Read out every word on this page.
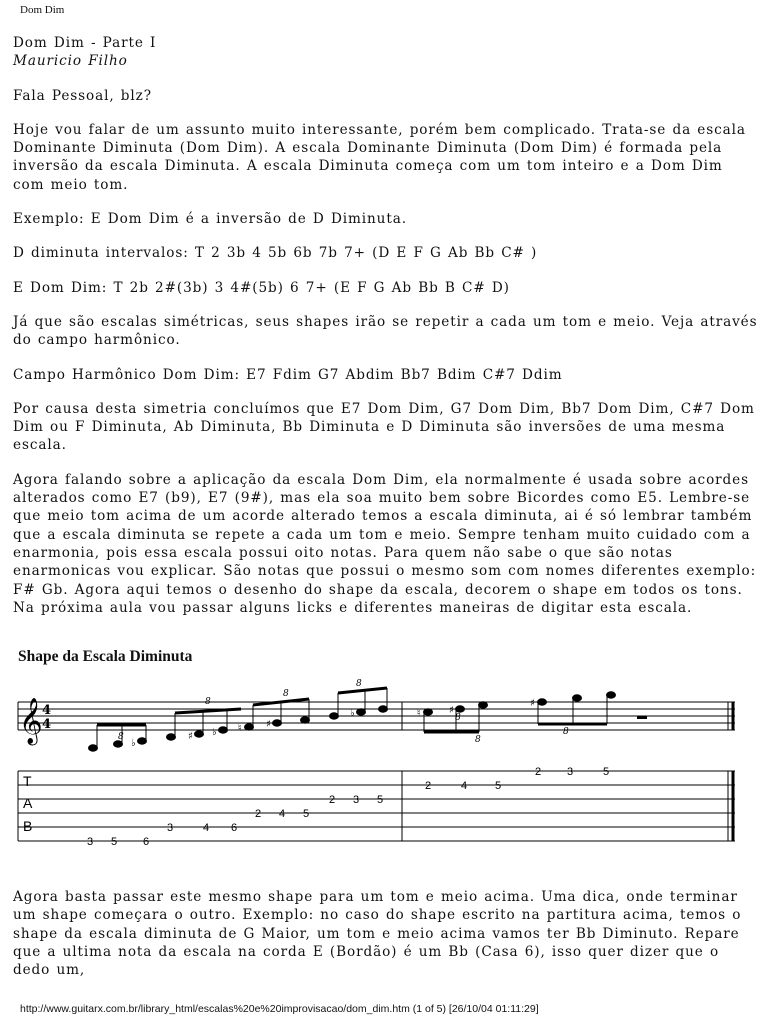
Dom Dim
Dom Dim - Parte I
Mauricio Filho

Fala Pessoal, blz?

Hoje vou falar de um assunto muito interessante, porém bem complicado. Trata-se da escala Dominante Diminuta (Dom Dim). A escala Dominante Diminuta (Dom Dim) é formada pela inversão da escala Diminuta. A escala Diminuta começa com um tom inteiro e a Dom Dim com meio tom.

Exemplo: E Dom Dim é a inversão de D Diminuta.

D diminuta intervalos: T 2 3b 4 5b 6b 7b 7+ (D E F G Ab Bb C# )

E Dom Dim: T 2b 2#(3b) 3 4#(5b) 6 7+ (E F G Ab Bb B C# D)

Já que são escalas simétricas, seus shapes irão se repetir a cada um tom e meio. Veja através do campo harmônico.

Campo Harmônico Dom Dim: E7 Fdim G7 Abdim Bb7 Bdim C#7 Ddim

Por causa desta simetria concluímos que E7 Dom Dim, G7 Dom Dim, Bb7 Dom Dim, C#7 Dom Dim ou F Diminuta, Ab Diminuta, Bb Diminuta e D Diminuta são inversões de uma mesma escala.

Agora falando sobre a aplicação da escala Dom Dim, ela normalmente é usada sobre acordes alterados como E7 (b9), E7 (9#), mas ela soa muito bem sobre Bicordes como E5. Lembre-se que meio tom acima de um acorde alterado temos a escala diminuta, ai é só lembrar também que a escala diminuta se repete a cada um tom e meio. Sempre tenham muito cuidado com a enarmonia, pois essa escala possui oito notas. Para quem não sabe o que são notas enarmonicas vou explicar. São notas que possui o mesmo som com nomes diferentes exemplo: F# Gb. Agora aqui temos o desenho do shape da escala, decorem o shape em todos os tons. Na próxima aula vou passar alguns licks e diferentes maneiras de digitar esta escala.

Shape da Escala Diminuta
𝄞 4
4
♭
♯ ♭ ♮ ♯
♭	♮	♯
♯
8
8
8
8
8
8
8
T
A
B
3 5 6
3	4 6
2 4 5
2 3 5
2	4	5
2 3	5

Agora basta passar este mesmo shape para um tom e meio acima. Uma dica, onde terminar um shape começara o outro. Exemplo: no caso do shape escrito na partitura acima, temos o shape da escala diminuta de G Maior, um tom e meio acima vamos ter Bb Diminuto. Repare que a ultima nota da escala na corda E (Bordão) é um Bb (Casa 6), isso quer dizer que o dedo um,

http://www.guitarx.com.br/library_html/escalas%20e%20improvisacao/dom_dim.htm (1 of 5) [26/10/04 01:11:29]
